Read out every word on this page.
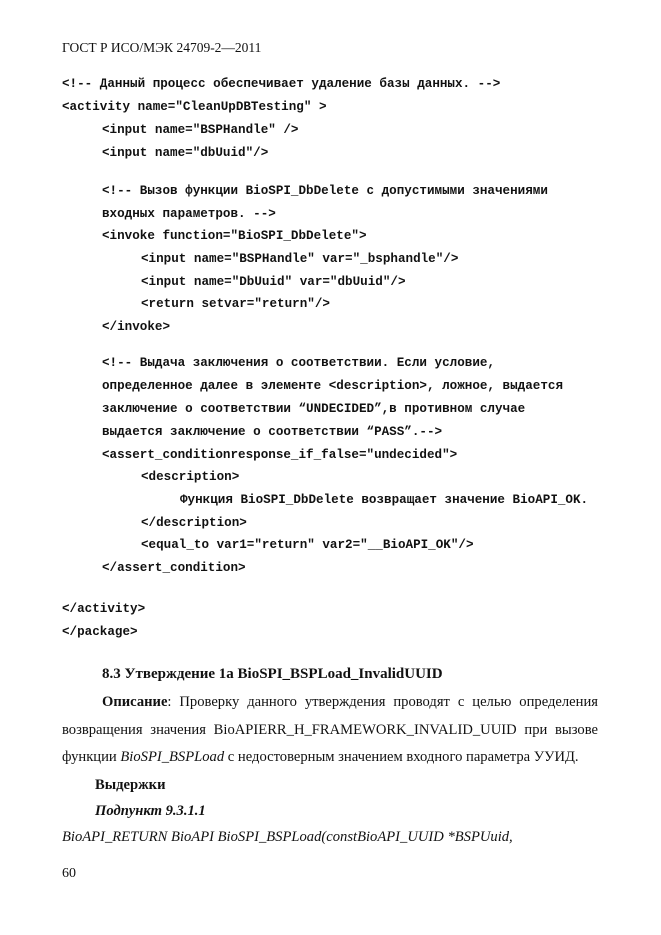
ГОСТ Р ИСО/МЭК 24709-2—2011
<!-- Данный процесс обеспечивает удаление базы данных. -->
<activity name="CleanUpDBTesting" >
<input name="BSPHandle" />
<input name="dbUuid"/>
<!-- Вызов функции BioSPI_DbDelete с допустимыми значениями
входных параметров. -->
<invoke function="BioSPI_DbDelete">
<input name="BSPHandle" var="_bsphandle"/>
<input name="DbUuid" var="dbUuid"/>
<return setvar="return"/>
</invoke>
<!-- Выдача заключения о соответствии. Если условие,
определенное далее в элементе <description>, ложное, выдается
заключение о соответствии “UNDECIDED”,в противном случае
выдается заключение о соответствии “PASS”.-->
<assert_conditionresponse_if_false="undecided">
<description>
Функция BioSPI_DbDelete возвращает значение BioAPI_OK.
</description>
<equal_to var1="return" var2="__BioAPI_OK"/>
</assert_condition>
</activity>
</package>
8.3 Утверждение 1а BioSPI_BSPLoad_InvalidUUID
Описание: Проверку данного утверждения проводят с целью определения
возвращения значения BioAPIERR_H_FRAMEWORK_INVALID_UUID при вызове
функции BioSPI_BSPLoad с недостоверным значением входного параметра УУИД.
Выдержки
Подпункт 9.3.1.1
BioAPI_RETURN BioAPI BioSPI_BSPLoad(constBioAPI_UUID *BSPUuid,
60
